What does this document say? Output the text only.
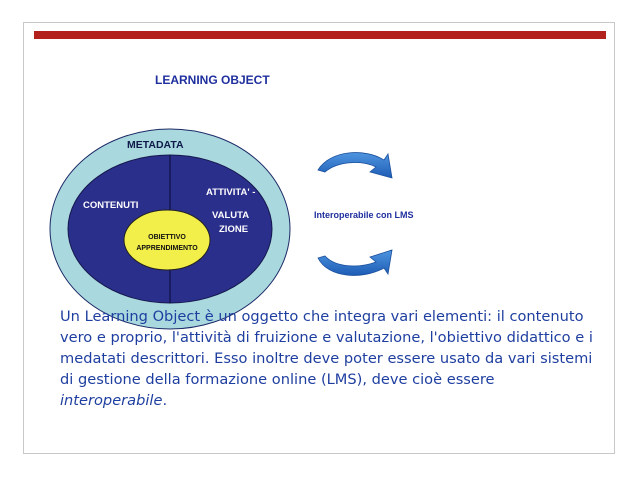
LEARNING OBJECT
METADATA
CONTENUTI
ATTIVITA' -
VALUTA
ZIONE
OBIETTIVO
APPRENDIMENTO
Interoperabile con LMS
Un Learning Object è un oggetto che integra vari elementi: il contenuto vero e proprio, l'attività di fruizione e valutazione, l'obiettivo didattico e i medatati descrittori. Esso inoltre deve poter essere usato da vari sistemi di gestione della formazione online (LMS), deve cioè essere interoperabile.
